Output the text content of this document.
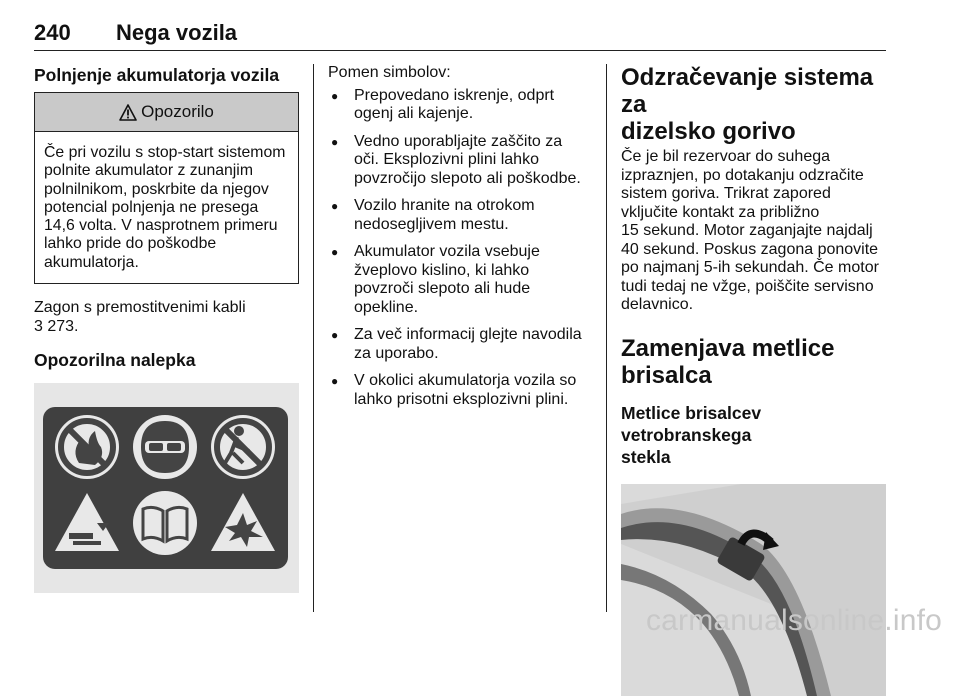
240 Nega vozila
Polnjenje akumulatorja vozila
Opozorilo
Če pri vozilu s stop-start sistemom
polnite akumulator z zunanjim
polnilnikom, poskrbite da njegov
potencial polnjenja ne presega
14,6 volta. V nasprotnem primeru
lahko pride do poškodbe
akumulatorja.

Zagon s premostitvenimi kabli
3 273.

Opozorilna nalepka

Pomen simbolov:

● Prepovedano iskrenje, odprt
ogenj ali kajenje.
● Vedno uporabljajte zaščito za
oči. Eksplozivni plini lahko
povzročijo slepoto ali poškodbe.
● Vozilo hranite na otrokom
nedosegljivem mestu.
● Akumulator vozila vsebuje
žveplovo kislino, ki lahko
povzroči slepoto ali hude
opekline.
● Za več informacij glejte navodila
za uporabo.
● V okolici akumulatorja vozila so
lahko prisotni eksplozivni plini.
Odzračevanje sistema za
dizelsko gorivo

Če je bil rezervoar do suhega
izpraznjen, po dotakanju odzračite
sistem goriva. Trikrat zapored
vključite kontakt za približno
15 sekund. Motor zaganjajte najdalj
40 sekund. Poskus zagona ponovite
po najmanj 5-ih sekundah. Če motor
tudi tedaj ne vžge, poiščite servisno
delavnico.

Zamenjava metlice brisalca
Metlice brisalcev vetrobranskega
stekla
carmanualsonline.info
